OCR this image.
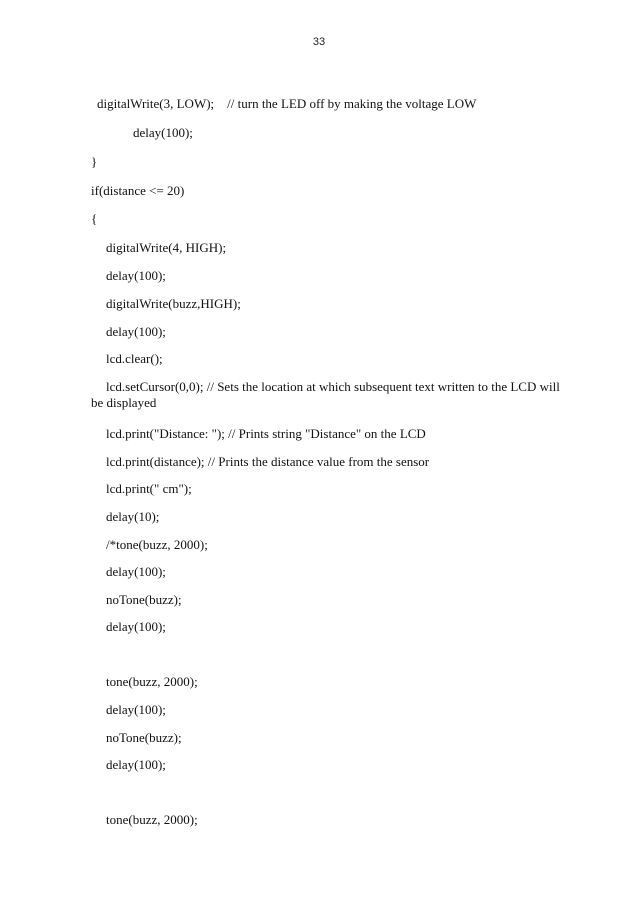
33
digitalWrite(3, LOW);    // turn the LED off by making the voltage LOW
delay(100);
}
if(distance <= 20)
{
digitalWrite(4, HIGH);
delay(100);
digitalWrite(buzz,HIGH);
delay(100);
lcd.clear();
lcd.setCursor(0,0); // Sets the location at which subsequent text written to the LCD will be displayed
lcd.print("Distance: "); // Prints string "Distance" on the LCD
lcd.print(distance); // Prints the distance value from the sensor
lcd.print(" cm");
delay(10);
/*tone(buzz, 2000);
delay(100);
noTone(buzz);
delay(100);
tone(buzz, 2000);
delay(100);
noTone(buzz);
delay(100);
tone(buzz, 2000);
